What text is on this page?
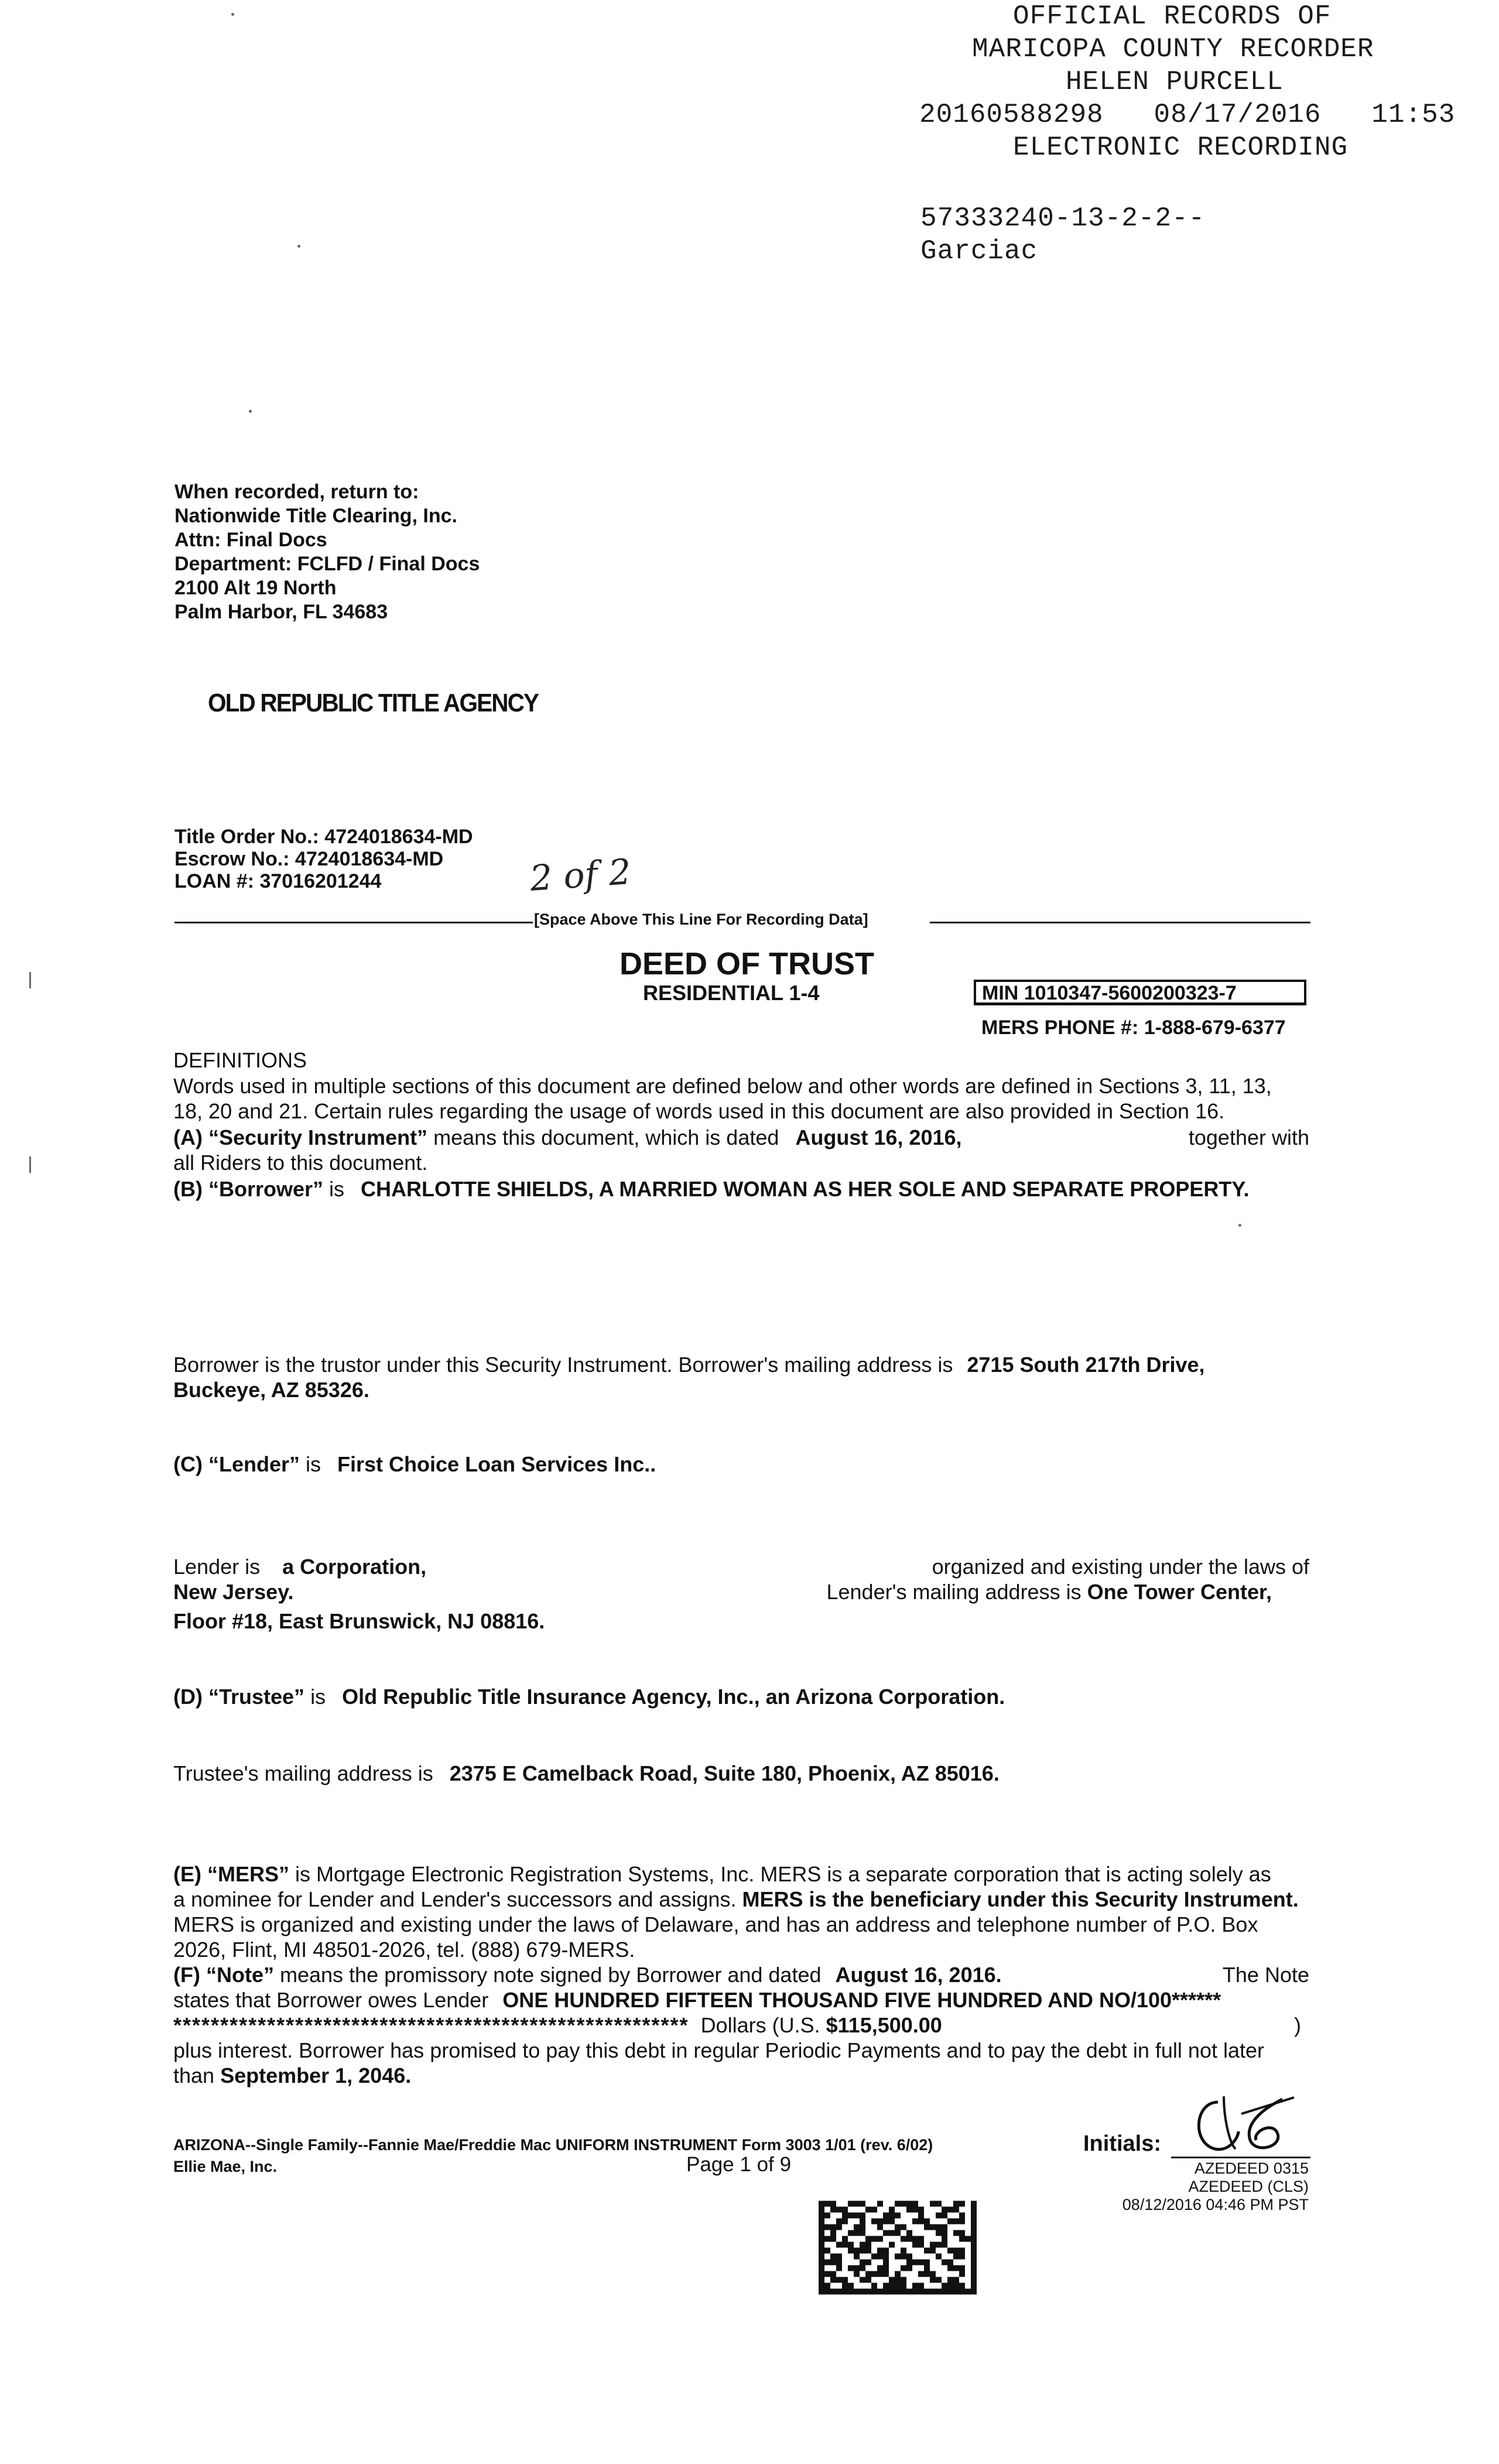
OFFICIAL RECORDS OF
MARICOPA COUNTY RECORDER
HELEN PURCELL
20160588298 08/17/2016 11:53
ELECTRONIC RECORDING
57333240-13-2-2--
Garciac
When recorded, return to:
Nationwide Title Clearing, Inc.
Attn: Final Docs
Department: FCLFD / Final Docs
2100 Alt 19 North
Palm Harbor, FL 34683
OLD REPUBLIC TITLE AGENCY
Title Order No.: 4724018634-MD
Escrow No.: 4724018634-MD
LOAN #: 37016201244	2 of 2
[Space Above This Line For Recording Data]
DEED OF TRUST
RESIDENTIAL 1-4	MIN 1010347-5600200323-7
MERS PHONE #: 1-888-679-6377
DEFINITIONS
Words used in multiple sections of this document are defined below and other words are defined in Sections 3, 11, 13,
18, 20 and 21. Certain rules regarding the usage of words used in this document are also provided in Section 16.
(A) “Security Instrument” means this document, which is dated August 16, 2016,	together with
all Riders to this document.
(B) “Borrower” is CHARLOTTE SHIELDS, A MARRIED WOMAN AS HER SOLE AND SEPARATE PROPERTY.
Borrower is the trustor under this Security Instrument. Borrower's mailing address is 2715 South 217th Drive,
Buckeye, AZ 85326.
(C) “Lender” is First Choice Loan Services Inc..
Lender is a Corporation,	organized and existing under the laws of
New Jersey.	Lender's mailing address is One Tower Center,
Floor #18, East Brunswick, NJ 08816.
(D) “Trustee” is Old Republic Title Insurance Agency, Inc., an Arizona Corporation.
Trustee's mailing address is 2375 E Camelback Road, Suite 180, Phoenix, AZ 85016.
(E) “MERS” is Mortgage Electronic Registration Systems, Inc. MERS is a separate corporation that is acting solely as
a nominee for Lender and Lender's successors and assigns. MERS is the beneficiary under this Security Instrument.
MERS is organized and existing under the laws of Delaware, and has an address and telephone number of P.O. Box
2026, Flint, MI 48501-2026, tel. (888) 679-MERS.
(F) “Note” means the promissory note signed by Borrower and dated August 16, 2016.	The Note
states that Borrower owes Lender ONE HUNDRED FIFTEEN THOUSAND FIVE HUNDRED AND NO/100******
******************************************************* Dollars (U.S. $115,500.00	)
plus interest. Borrower has promised to pay this debt in regular Periodic Payments and to pay the debt in full not later
than September 1, 2046.
ARIZONA--Single Family--Fannie Mae/Freddie Mac UNIFORM INSTRUMENT Form 3003 1/01 (rev. 6/02)
Ellie Mae, Inc.	Page 1 of 9
Initials:
AZEDEED 0315
AZEDEED (CLS)
08/12/2016 04:46 PM PST
